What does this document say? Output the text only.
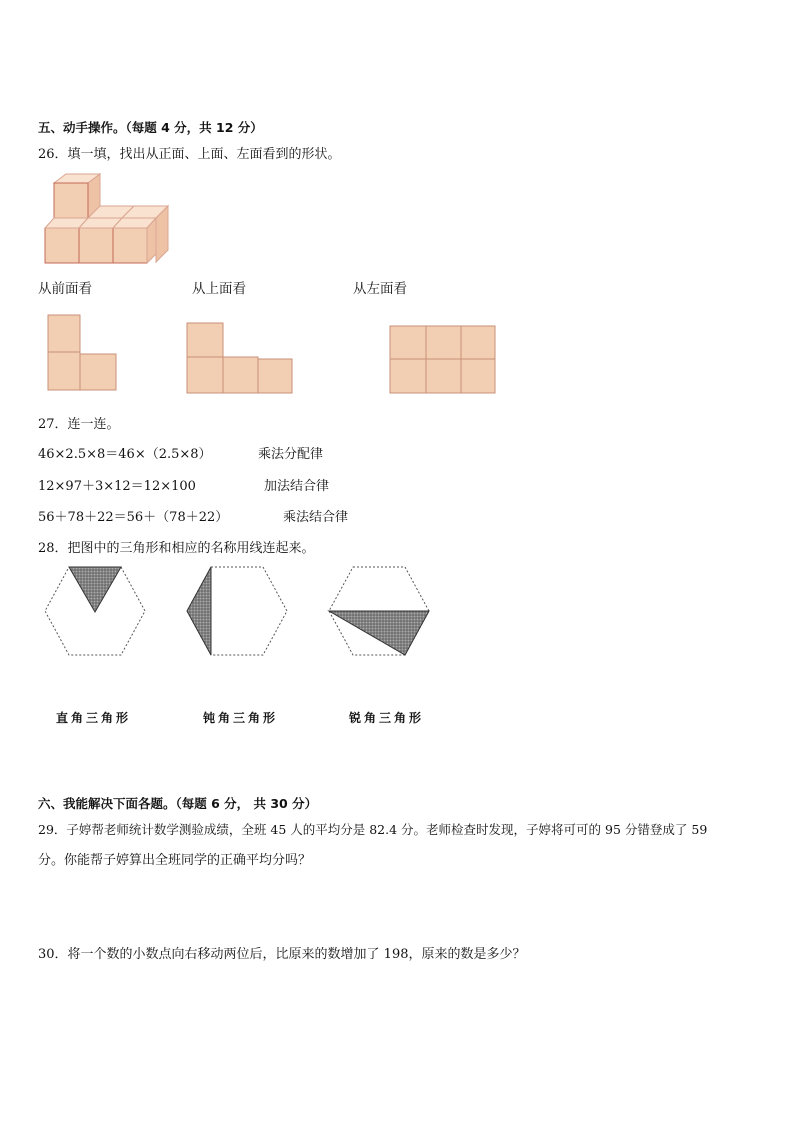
五、动手操作。（每题 4 分，共 12 分）
26．填一填，找出从正面、上面、左面看到的形状。
从前面看	从上面看	从左面看
27．连一连。
46×2.5×8＝46×（2.5×8）	乘法分配律
12×97＋3×12＝12×100	加法结合律
56＋78＋22＝56＋（78＋22）	乘法结合律
28．把图中的三角形和相应的名称用线连起来。
直角三角形	钝角三角形	锐角三角形
六、我能解决下面各题。（每题 6 分， 共 30 分）
29．子婷帮老师统计数学测验成绩，全班 45 人的平均分是 82.4 分。老师检查时发现，子婷将可可的 95 分错登成了 59
分。你能帮子婷算出全班同学的正确平均分吗？
30．将一个数的小数点向右移动两位后，比原来的数增加了 198，原来的数是多少？
